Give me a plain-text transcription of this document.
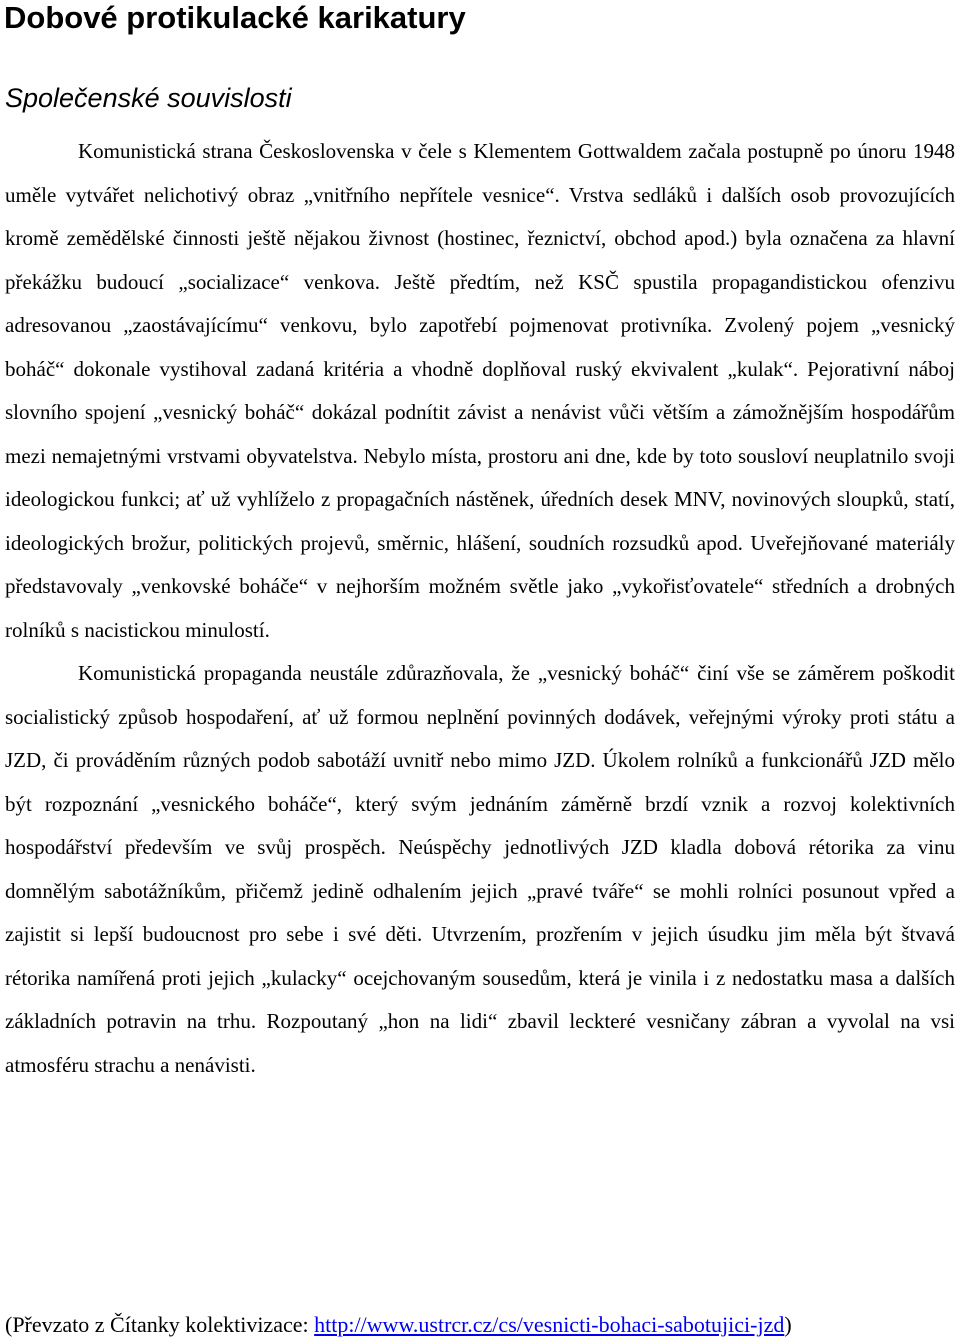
Dobové protikulacké karikatury
Společenské souvislosti

Komunistická strana Československa v čele s Klementem Gottwaldem začala postupně po únoru 1948 uměle vytvářet nelichotivý obraz „vnitřního nepřítele vesnice“. Vrstva sedláků i dalších osob provozujících kromě zemědělské činnosti ještě nějakou živnost (hostinec, řeznictví, obchod apod.) byla označena za hlavní překážku budoucí „socializace“ venkova. Ještě předtím, než KSČ spustila propagandistickou ofenzivu adresovanou „zaostávajícímu“ venkovu, bylo zapotřebí pojmenovat protivníka. Zvolený pojem „vesnický boháč“ dokonale vystihoval zadaná kritéria a vhodně doplňoval ruský ekvivalent „kulak“. Pejorativní náboj slovního spojení „vesnický boháč“ dokázal podnítit závist a nenávist vůči větším a zámožnějším hospodářům mezi nemajetnými vrstvami obyvatelstva. Nebylo místa, prostoru ani dne, kde by toto sousloví neuplatnilo svoji ideologickou funkci; ať už vyhlíželo z propagačních nástěnek, úředních desek MNV, novinových sloupků, statí, ideologických brožur, politických projevů, směrnic, hlášení, soudních rozsudků apod. Uveřejňované materiály představovaly „venkovské boháče“ v nejhorším možném světle jako „vykořisťovatele“ středních a drobných rolníků s nacistickou minulostí.

Komunistická propaganda neustále zdůrazňovala, že „vesnický boháč“ činí vše se záměrem poškodit socialistický způsob hospodaření, ať už formou neplnění povinných dodávek, veřejnými výroky proti státu a JZD, či prováděním různých podob sabotáží uvnitř nebo mimo JZD. Úkolem rolníků a funkcionářů JZD mělo být rozpoznání „vesnického boháče“, který svým jednáním záměrně brzdí vznik a rozvoj kolektivních hospodářství především ve svůj prospěch. Neúspěchy jednotlivých JZD kladla dobová rétorika za vinu domnělým sabotážníkům, přičemž jedině odhalením jejich „pravé tváře“ se mohli rolníci posunout vpřed a zajistit si lepší budoucnost pro sebe i své děti. Utvrzením, prozřením v jejich úsudku jim měla být štvavá rétorika namířená proti jejich „kulacky“ ocejchovaným sousedům, která je vinila i z nedostatku masa a dalších základních potravin na trhu. Rozpoutaný „hon na lidi“ zbavil leckteré vesničany zábran a vyvolal na vsi atmosféru strachu a nenávisti.

(Převzato z Čítanky kolektivizace: http://www.ustrcr.cz/cs/vesnicti-bohaci-sabotujici-jzd)
